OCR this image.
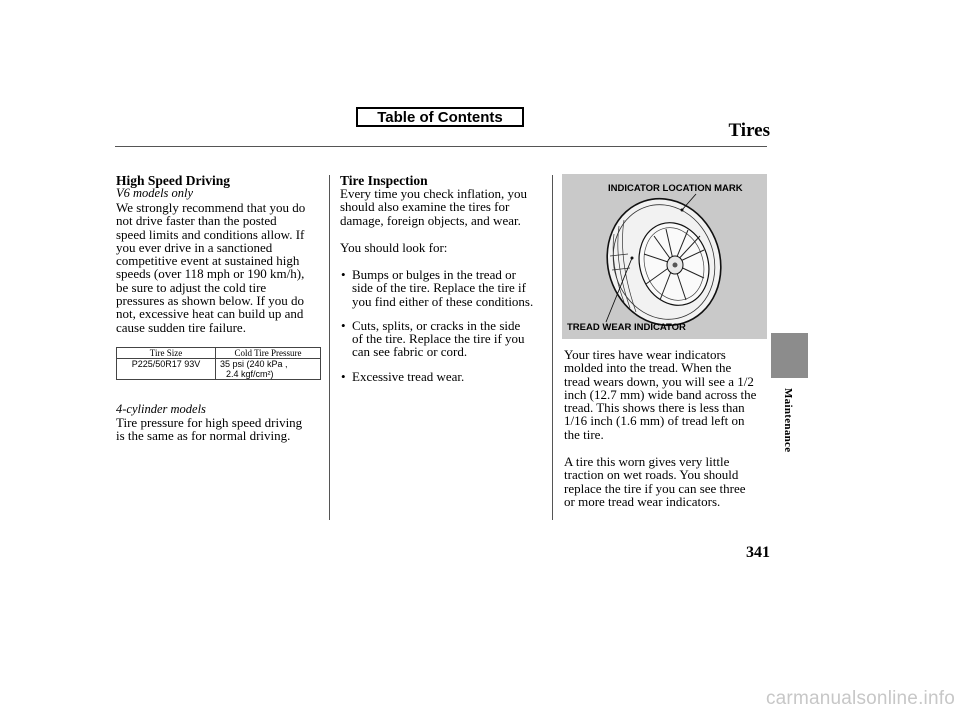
Table of Contents
Tires
High Speed Driving
V6 models only
We strongly recommend that you do
not drive faster than the posted
speed limits and conditions allow. If
you ever drive in a sanctioned
competitive event at sustained high
speeds (over 118 mph or 190 km/h),
be sure to adjust the cold tire
pressures as shown below. If you do
not, excessive heat can build up and
cause sudden tire failure.
Tire Size	Cold Tire Pressure
P225/50R17 93V	35 psi (240 kPa ,
2.4 kgf/cm²)
4-cylinder models
Tire pressure for high speed driving
is the same as for normal driving.
Tire Inspection
Every time you check inflation, you
should also examine the tires for
damage, foreign objects, and wear.
You should look for:
• Bumps or bulges in the tread or
side of the tire. Replace the tire if
you find either of these conditions.
• Cuts, splits, or cracks in the side
of the tire. Replace the tire if you
can see fabric or cord.
• Excessive tread wear.
INDICATOR LOCATION MARK
TREAD WEAR INDICATOR
Your tires have wear indicators
molded into the tread. When the
tread wears down, you will see a 1/2
inch (12.7 mm) wide band across the
tread. This shows there is less than
1/16 inch (1.6 mm) of tread left on
the tire.
A tire this worn gives very little
traction on wet roads. You should
replace the tire if you can see three
or more tread wear indicators.
Maintenance
341
carmanualsonline.info
